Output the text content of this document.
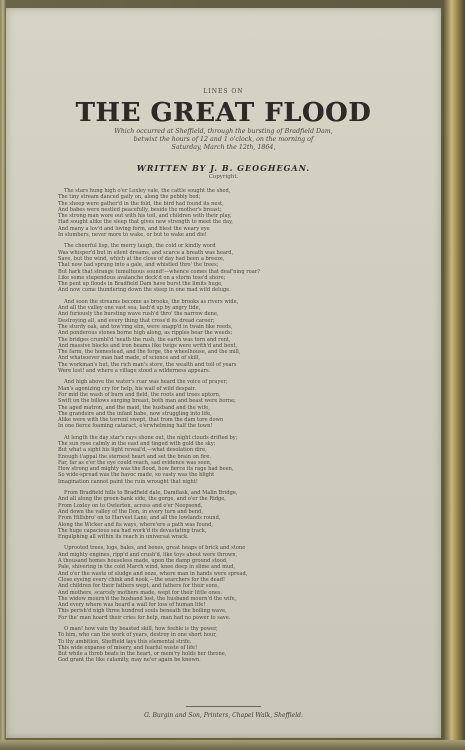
LINES ON
THE GREAT FLOOD
Which occurred at Sheffield, through the bursting of Bradfield Dam,
betwixt the hours of 12 and 1 o'clock, on the morning of
Saturday, March the 12th, 1864,
WRITTEN BY J. B. GEOGHEGAN.
Copyright.
The stars hung high o'er Loxley vale, the cattle sought the shed,
The tiny stream danced gaily on, along the pebbly bed;
The sheep were gather'd in the fold, the bird had found its nest,
And babes were nestled peacefully, beside the mother's breast;
The strong man wore out with his toil, and children with their play,
Had sought alike the sleep that gives new strength to meet the day,
And many a lov'd and loving form, and blest the weary eye
In slumbers, never more to wake, or but to wake and die!
The cheerful lisp, the merry laugh, the cold or kindly word
Was whisper'd but in silent dreams, and scarce a breath was heard,
Save, but the wind, which at the close of day had been a breeze,
That now had sprung into a gale, and whistled thro' the trees;
But hark that strange tumultuous sound!—whence comes that deaf'ning roar?
Like some stupendous avalanche deck'd on a storm toss'd shore;
The pent up floods in Bradfield Dam have burst the limits huge,
And now come thundering down the steep in one mad wild deluge.
And soon the streams become as brooks, the brooks as rivers wide,
And all the valley one vast sea, lash'd up by angry tide,
And furiously the bursting wave rush'd thro' the narrow dene,
Destroying all, and every thing that cross'd its dread career;
The sturdy oak, and tow'ring elm, were snapp'd in twain like reeds,
And ponderous stones borne high along, as ripples bear the weeds;
The bridges crumbl'd 'neath the rush, the earth was torn and rent,
And massive blocks and iron beams like twigs were writh'd and bent,
The farm, the homestead, and the forge, the wheelhouse, and the mill,
And whatsoever man had made, of science and of skill,
The workman's hut, the rich man's store, the wealth and toil of years
Were lost! and where a village stood a wilderness appears.
And high above the water's roar was heard the voice of prayer;
Man's agonizing cry for help, his wail of wild despair.
For mid the wash of burn and field, the roots and trees uptorn,
Swift on the billows surging breast, both man and beast were borne;
The aged matron, and the maid, the husband and the wife,
The grandsire and the infant babe, now struggling into life,
Alike were with the torrent swept, that from the dam tore down
In one fierce foaming cataract, o'erwhelming half the town!
At length the day star's rays shone out, the night clouds drifted by;
The sun rose calmly in the east and tinged with gold the sky;
But what a sight his light reveal'd,—what desolation dire,
Enough t'appal the sternest heart and set the brain on fire.
Far, far as e'er the eye could reach, sad evidence was seen,
How strong and mighty was the flood, how fierce its rage had been,
So wide-spread was the havoc made, so vasty was the blight
Imagination cannot paint the ruin wrought that night!
From Bradfield hills to Bradfield dale, Damflask, and Malin Bridge,
And all along the green-bank side, the gorge, and o'er the Ridge,
From Loxley on to Owlerton, across and o'er Neepsend,
And down the valley of the Don, in every turn and bend,
From Hillsbro' on to Harvest Lane, and all the lowlands round,
Along the Wicker and its ways, where'ere a path was found,
The huge capacious sea had work'd its devastating track,
Engulphing all within its reach in universal wrack.
Uprooted trees, logs, bales, and boxes, great heaps of brick and stone
And mighty engines, ripp'd and crush'd, like toys about were thrown,
A thousand homes houseless made, upon the damp ground stood,
Pale, shivering in the cold March wind, knee deep in slime and mud,
And o'er the waste of sludge and ooze, where man in hands were spread,
Close eyeing every chink and nook,—the searchers for the dead!
And children for their fathers wept, and fathers for their sons,
And mothers, scarcely mothers made, wept for their little ones.
The widow mourn'd the husband lost, the husband mourn'd the wife,
And every where was heard a wail for loss of human life!
This perish'd nigh three hundred souls beneath the boiling wave,
For the' man hoard their cries for help, man had no power to save.
O man! how vain thy boasted skill, how feeble is thy power,
To him, who can the work of years, destroy in one short hour,
To thy ambition, Sheffield lays this elemental strife.
This wide expanse of misery, and fearful waste of life!
But while a throb beats in the heart, or mem'ry holds her throne,
God grant the like calamity, may ne'er again be known.
G. Burgin and Son, Printers, Chapel Walk, Sheffield.
